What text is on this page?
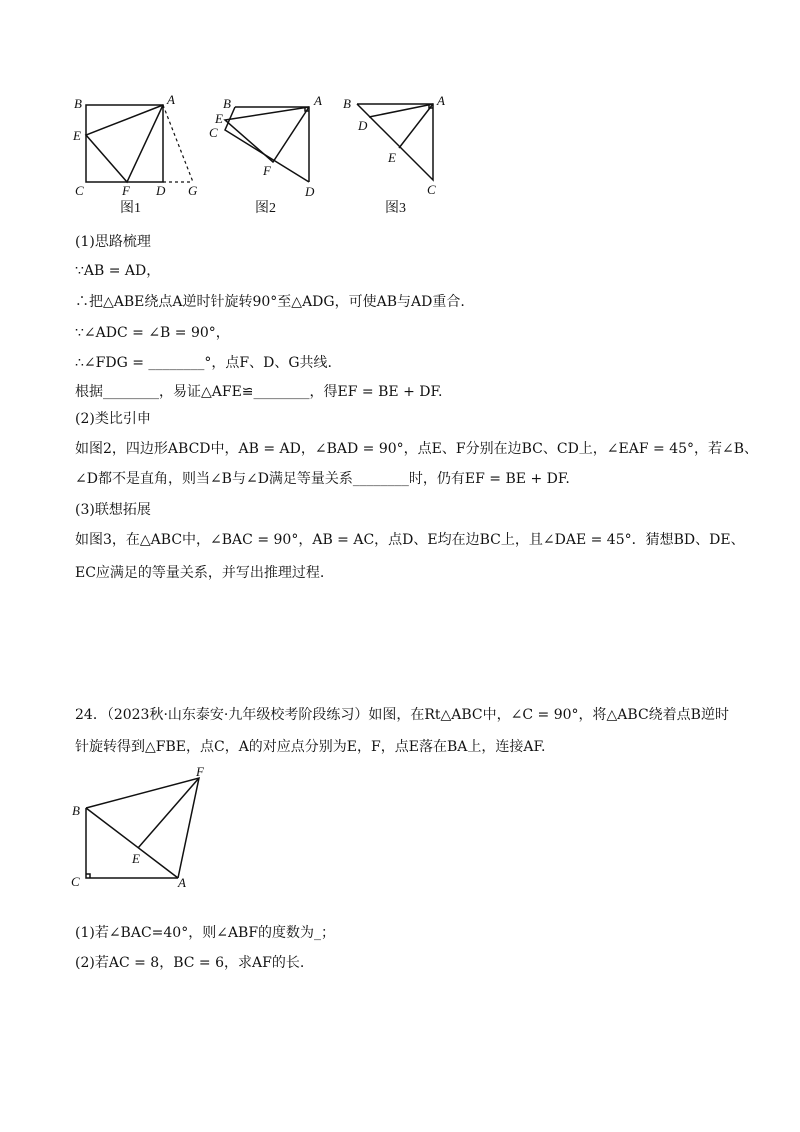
B	A
E
C	F D G
图1
B	A
E
C
F
D
图2
B	A
D
E
C
图3
(1)思路梳理
∵AB = AD，
∴把△ABE绕点A逆时针旋转90°至△ADG，可使AB与AD重合.
∵∠ADC = ∠B = 90°，
∴∠FDG = ________°，点F、D、G共线.
根据________，易证△AFE≌________，得EF = BE + DF.
(2)类比引申
如图2，四边形ABCD中，AB = AD，∠BAD = 90°，点E、F分别在边BC、CD上，∠EAF = 45°，若∠B、
∠D都不是直角，则当∠B与∠D满足等量关系________时，仍有EF = BE + DF.
(3)联想拓展
如图3，在△ABC中，∠BAC = 90°，AB = AC，点D、E均在边BC上，且∠DAE = 45°．猜想BD、DE、
EC应满足的等量关系，并写出推理过程.
24．（2023秋·山东泰安·九年级校考阶段练习）如图，在Rt△ABC中，∠C = 90°，将△ABC绕着点B逆时
针旋转得到△FBE，点C，A的对应点分别为E，F，点E落在BA上，连接AF.
F
B
E
C	A
(1)若∠BAC=40°，则∠ABF的度数为_；
(2)若AC = 8，BC = 6，求AF的长.
